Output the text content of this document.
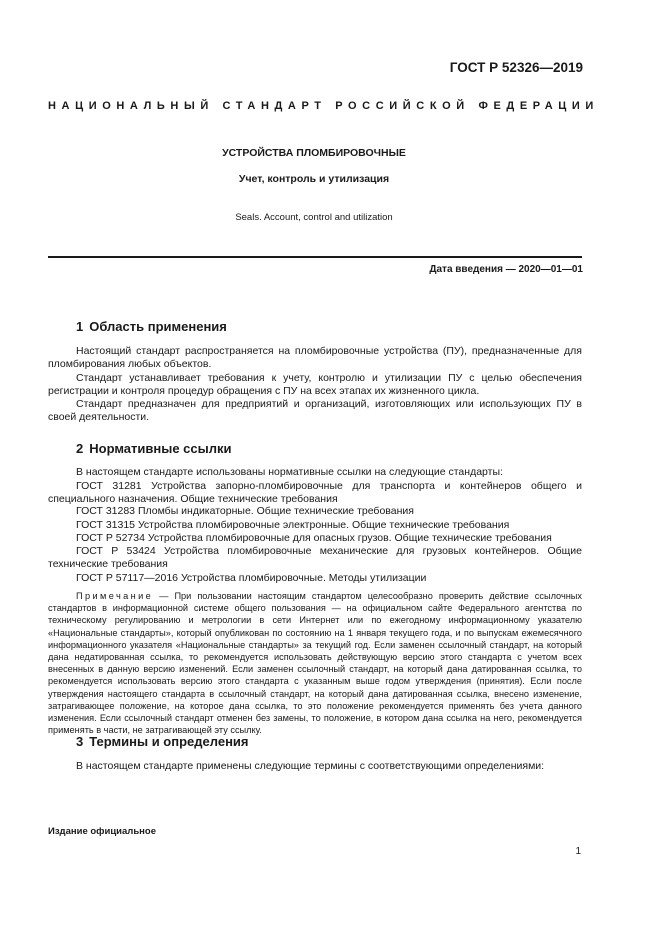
ГОСТ Р 52326—2019
НАЦИОНАЛЬНЫЙ СТАНДАРТ РОССИЙСКОЙ ФЕДЕРАЦИИ
УСТРОЙСТВА ПЛОМБИРОВОЧНЫЕ
Учет, контроль и утилизация
Seals. Account, control and utilization
Дата введения — 2020—01—01
1 Область применения
Настоящий стандарт распространяется на пломбировочные устройства (ПУ), предназначенные для пломбирования любых объектов.
Стандарт устанавливает требования к учету, контролю и утилизации ПУ с целью обеспечения регистрации и контроля процедур обращения с ПУ на всех этапах их жизненного цикла.
Стандарт предназначен для предприятий и организаций, изготовляющих или использующих ПУ в своей деятельности.
2 Нормативные ссылки
В настоящем стандарте использованы нормативные ссылки на следующие стандарты:
ГОСТ 31281 Устройства запорно-пломбировочные для транспорта и контейнеров общего и специального назначения. Общие технические требования
ГОСТ 31283 Пломбы индикаторные. Общие технические требования
ГОСТ 31315 Устройства пломбировочные электронные. Общие технические требования
ГОСТ Р 52734 Устройства пломбировочные для опасных грузов. Общие технические требования
ГОСТ Р 53424 Устройства пломбировочные механические для грузовых контейнеров. Общие технические требования
ГОСТ Р 57117—2016 Устройства пломбировочные. Методы утилизации
Примечание — При пользовании настоящим стандартом целесообразно проверить действие ссылочных стандартов в информационной системе общего пользования — на официальном сайте Федерального агентства по техническому регулированию и метрологии в сети Интернет или по ежегодному информационному указателю «Национальные стандарты», который опубликован по состоянию на 1 января текущего года, и по выпускам ежемесячного информационного указателя «Национальные стандарты» за текущий год. Если заменен ссылочный стандарт, на который дана недатированная ссылка, то рекомендуется использовать действующую версию этого стандарта с учетом всех внесенных в данную версию изменений. Если заменен ссылочный стандарт, на который дана датированная ссылка, то рекомендуется использовать версию этого стандарта с указанным выше годом утверждения (принятия). Если после утверждения настоящего стандарта в ссылочный стандарт, на который дана датированная ссылка, внесено изменение, затрагивающее положение, на которое дана ссылка, то это положение рекомендуется применять без учета данного изменения. Если ссылочный стандарт отменен без замены, то положение, в котором дана ссылка на него, рекомендуется применять в части, не затрагивающей эту ссылку.
3 Термины и определения
В настоящем стандарте применены следующие термины с соответствующими определениями:
Издание официальное
1
